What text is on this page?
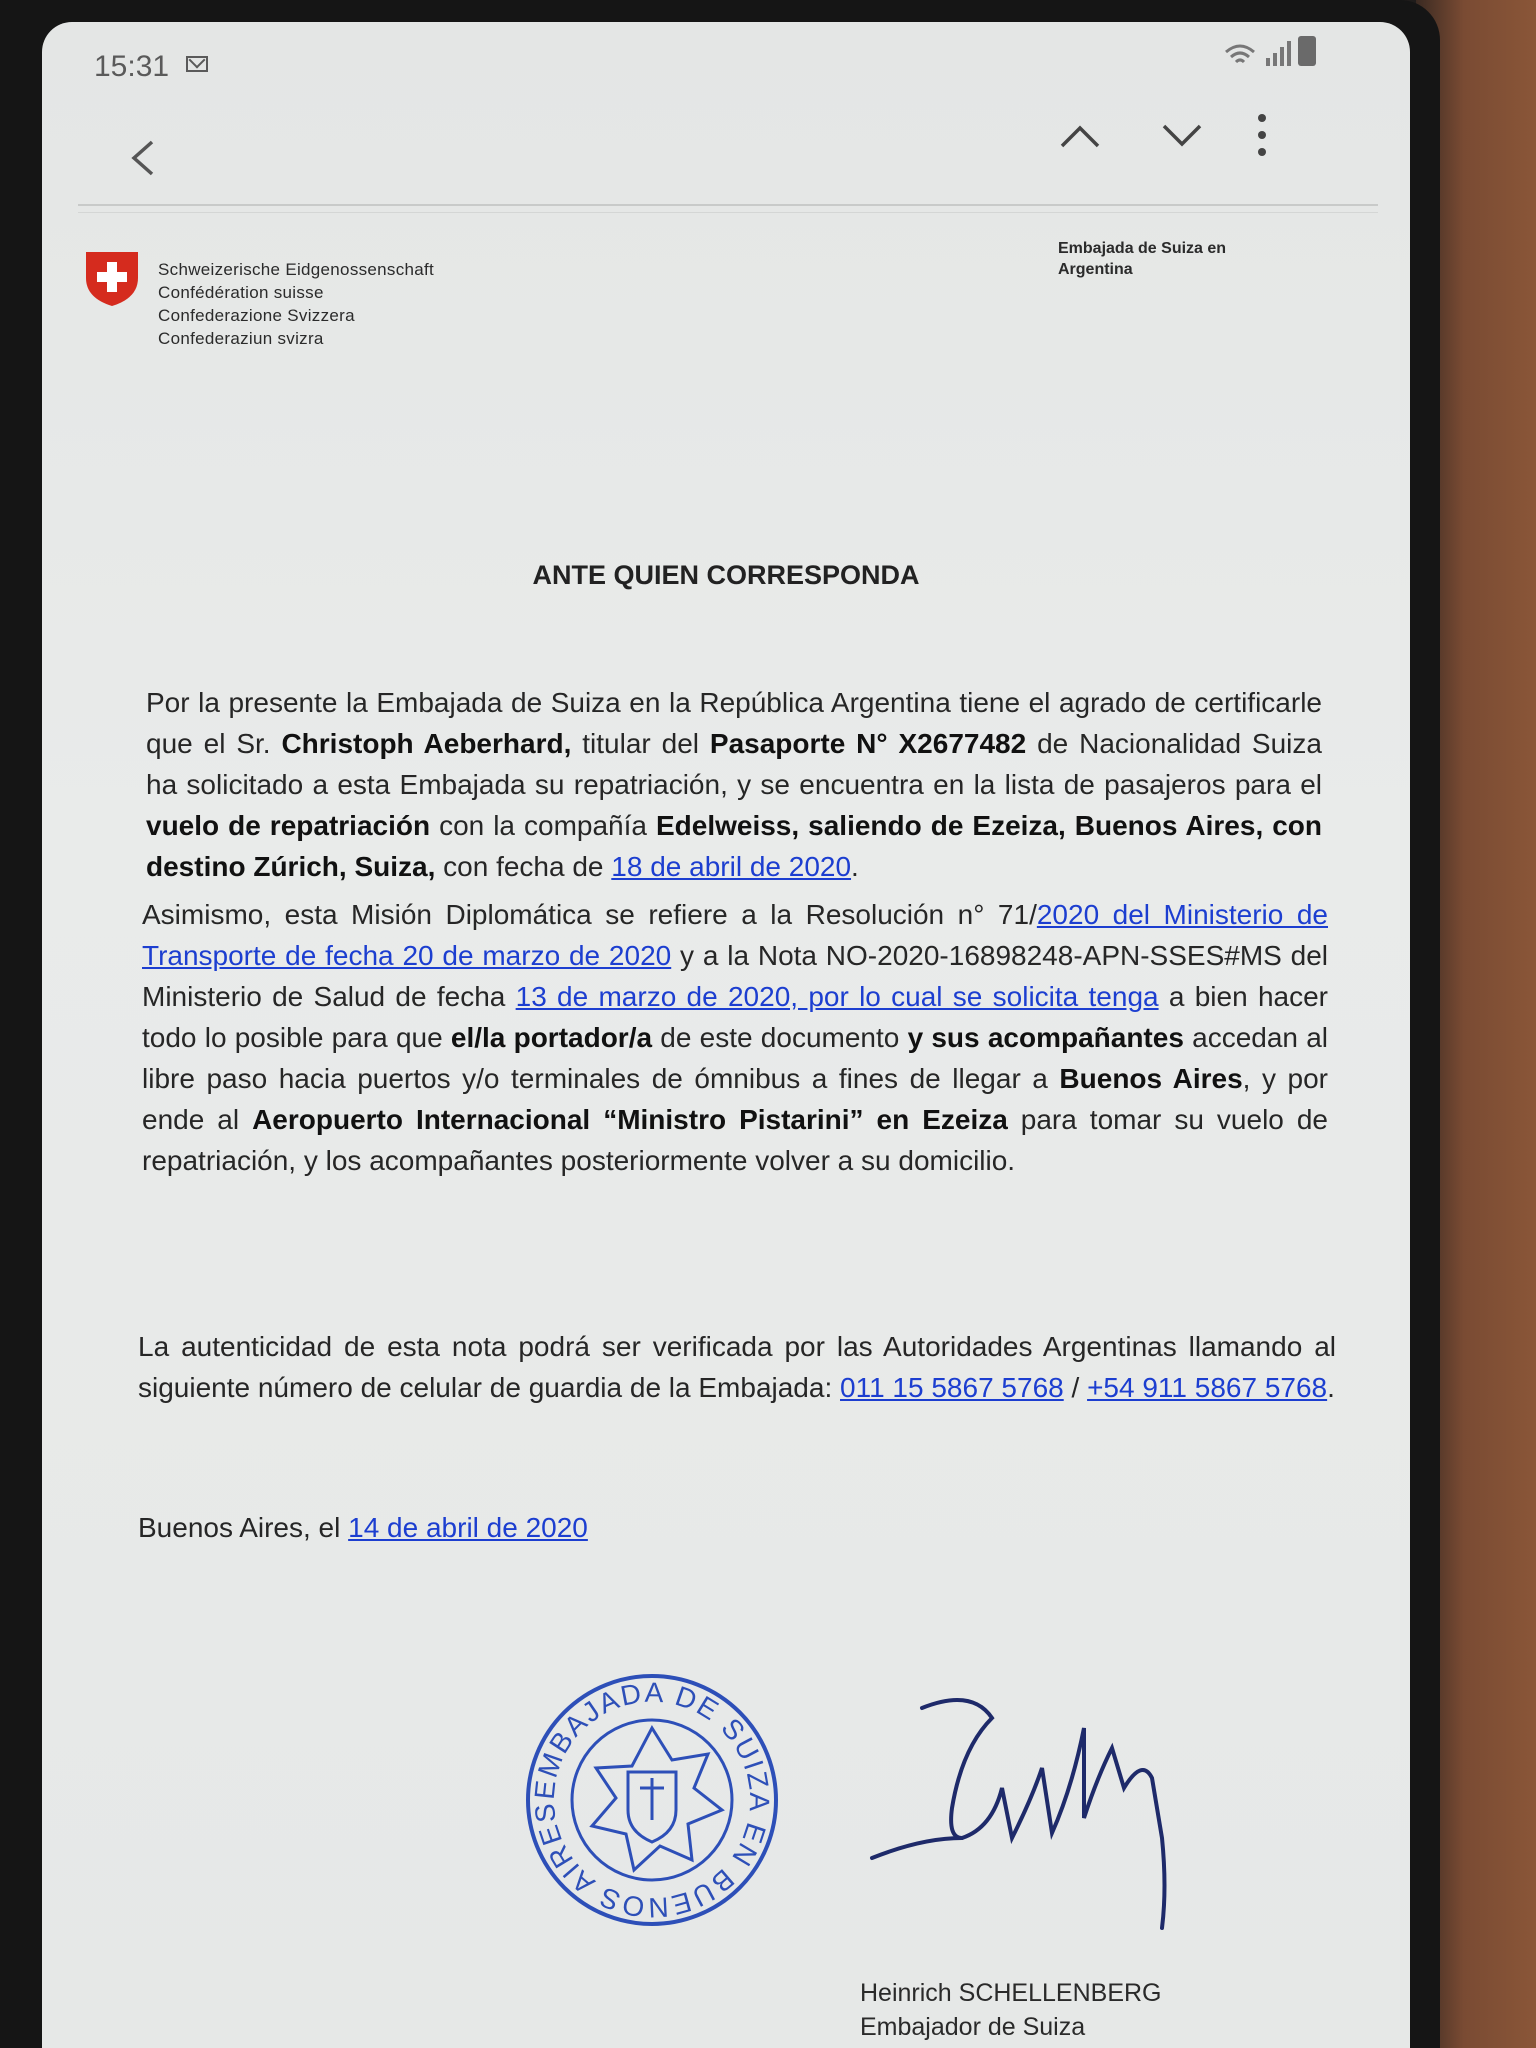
15:31
Schweizerische Eidgenossenschaft
Confédération suisse
Confederazione Svizzera
Confederaziun svizra
Embajada de Suiza en
Argentina
ANTE QUIEN CORRESPONDA
Por la presente la Embajada de Suiza en la República Argentina tiene el agrado de certificarle que el Sr. Christoph Aeberhard, titular del Pasaporte N° X2677482 de Nacionalidad Suiza ha solicitado a esta Embajada su repatriación, y se encuentra en la lista de pasajeros para el vuelo de repatriación con la compañía Edelweiss, saliendo de Ezeiza, Buenos Aires, con destino Zúrich, Suiza, con fecha de 18 de abril de 2020.
Asimismo, esta Misión Diplomática se refiere a la Resolución n° 71/2020 del Ministerio de Transporte de fecha 20 de marzo de 2020 y a la Nota NO-2020-16898248-APN-SSES#MS del Ministerio de Salud de fecha 13 de marzo de 2020, por lo cual se solicita tenga a bien hacer todo lo posible para que el/la portador/a de este documento y sus acompañantes accedan al libre paso hacia puertos y/o terminales de ómnibus a fines de llegar a Buenos Aires, y por ende al Aeropuerto Internacional “Ministro Pistarini” en Ezeiza para tomar su vuelo de repatriación, y los acompañantes posteriormente volver a su domicilio.
La autenticidad de esta nota podrá ser verificada por las Autoridades Argentinas llamando al siguiente número de celular de guardia de la Embajada: 011 15 5867 5768 / +54 911 5867 5768.
Buenos Aires, el 14 de abril de 2020
EMBAJADA DE SUIZA EN BUENOS AIRES
Heinrich SCHELLENBERG
Embajador de Suiza
